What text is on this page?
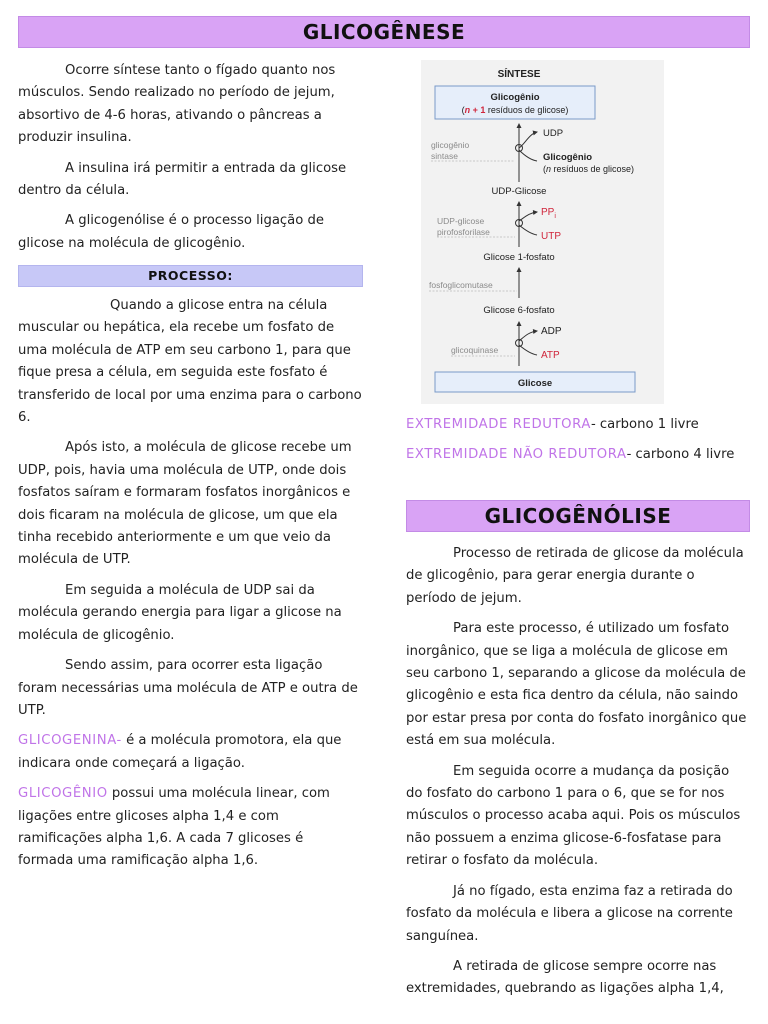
GLICOGÊNESE

Ocorre síntese tanto o fígado quanto nos músculos. Sendo realizado no período de jejum, absortivo de 4-6 horas, ativando o pâncreas a produzir insulina.

A insulina irá permitir a entrada da glicose dentro da célula.

A glicogenólise é o processo ligação de glicose na molécula de glicogênio.

PROCESSO:

Quando a glicose entra na célula muscular ou hepática, ela recebe um fosfato de uma molécula de ATP em seu carbono 1, para que fique presa a célula, em seguida este fosfato é transferido de local por uma enzima para o carbono 6.

Após isto, a molécula de glicose recebe um UDP, pois, havia uma molécula de UTP, onde dois fosfatos saíram e formaram fosfatos inorgânicos e dois ficaram na molécula de glicose, um que ela tinha recebido anteriormente e um que veio da molécula de UTP.

Em seguida a molécula de UDP sai da molécula gerando energia para ligar a glicose na molécula de glicogênio.

Sendo assim, para ocorrer esta ligação foram necessárias uma molécula de ATP e outra de UTP.

GLICOGENINA- é a molécula promotora, ela que indicara onde começará a ligação.

GLICOGÊNIO possui uma molécula linear, com ligações entre glicoses alpha 1,4 e com ramificações alpha 1,6. A cada 7 glicoses é formada uma ramificação alpha 1,6.

SÍNTESE
Glicogênio
(n + 1 resíduos de glicose)
UDP
Glicogênio
(n resíduos de glicose)
glicogênio
sintase
UDP-Glicose
$PP_i$
UTP
UDP-glicose
pirofosforilase
Glicose 1-fosfato
fosfoglicomutase
Glicose 6-fosfato
ADP
ATP
glicoquinase
Glicose

EXTREMIDADE REDUTORA- carbono 1 livre

EXTREMIDADE NÃO REDUTORA- carbono 4 livre

GLICOGÊNÓLISE

Processo de retirada de glicose da molécula de glicogênio, para gerar energia durante o período de jejum.

Para este processo, é utilizado um fosfato inorgânico, que se liga a molécula de glicose em seu carbono 1, separando a glicose da molécula de glicogênio e esta fica dentro da célula, não saindo por estar presa por conta do fosfato inorgânico que está em sua molécula.

Em seguida ocorre a mudança da posição do fosfato do carbono 1 para o 6, que se for nos músculos o processo acaba aqui. Pois os músculos não possuem a enzima glicose-6-fosfatase para retirar o fosfato da molécula.

Já no fígado, esta enzima faz a retirada do fosfato da molécula e libera a glicose na corrente sanguínea.

A retirada de glicose sempre ocorre nas extremidades, quebrando as ligações alpha 1,4,
